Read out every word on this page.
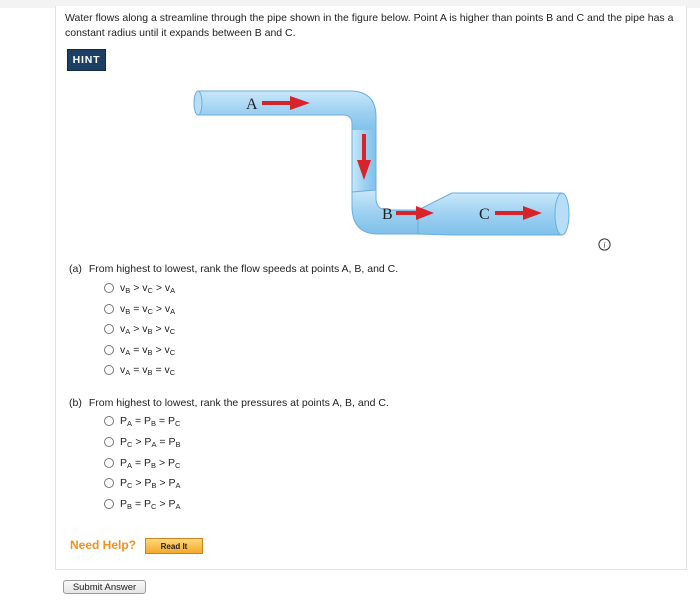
Water flows along a streamline through the pipe shown in the figure below. Point A is higher than points B and C and the pipe has a constant radius until it expands between B and C.
HINT
A
B	C
i
(a) From highest to lowest, rank the flow speeds at points A, B, and C.
$v_B > v_C > v_A$
$v_B = v_C > v_A$
$v_A > v_B > v_C$
$v_A = v_B > v_C$
$v_A = v_B = v_C$
(b) From highest to lowest, rank the pressures at points A, B, and C.
$P_A = P_B = P_C$
$P_C > P_A = P_B$
$P_A = P_B > P_C$
$P_C > P_B > P_A$
$P_B = P_C > P_A$
Need Help?	Read It
Submit Answer
